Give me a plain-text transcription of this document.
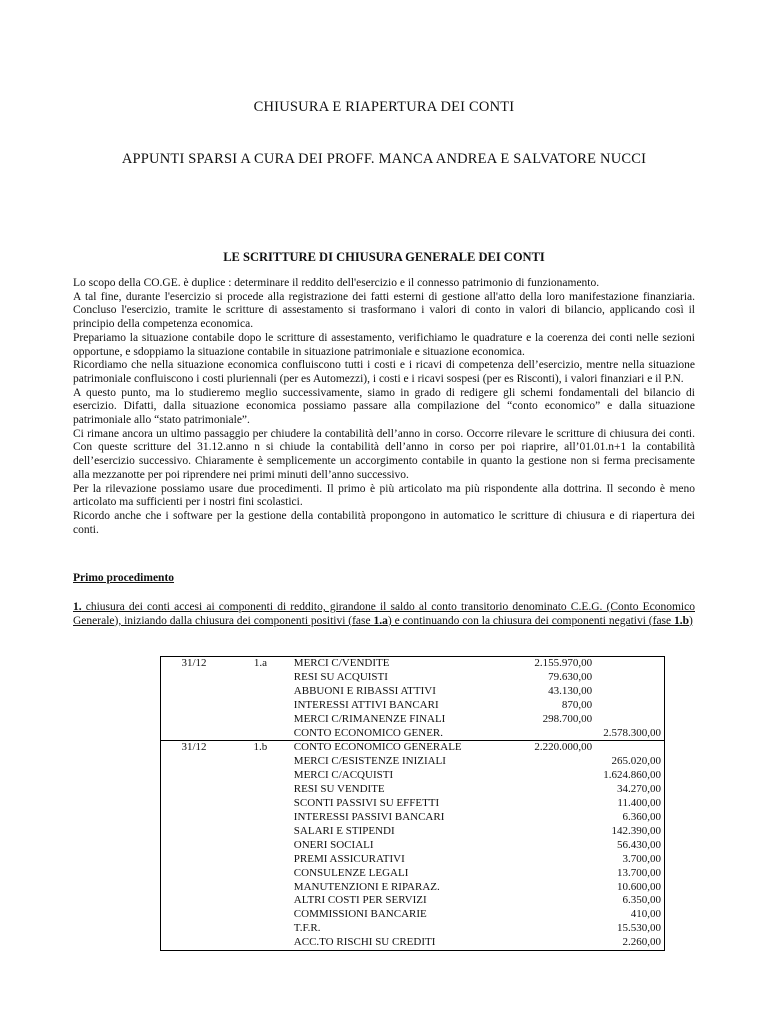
CHIUSURA E RIAPERTURA DEI CONTI
APPUNTI SPARSI A CURA DEI PROFF. MANCA ANDREA E SALVATORE NUCCI
LE SCRITTURE DI CHIUSURA GENERALE DEI CONTI

Lo scopo della CO.GE. è duplice : determinare il reddito dell'esercizio e il connesso patrimonio di funzionamento.

A tal fine, durante l'esercizio si procede alla registrazione dei fatti esterni di gestione all'atto della loro manifestazione finanziaria. Concluso l'esercizio, tramite le scritture di assestamento si trasformano i valori di conto in valori di bilancio, applicando così il principio della competenza economica.

Prepariamo la situazione contabile dopo le scritture di assestamento, verifichiamo le quadrature e la coerenza dei conti nelle sezioni opportune, e sdoppiamo la situazione contabile in situazione patrimoniale e situazione economica.

Ricordiamo che nella situazione economica confluiscono tutti i costi e i ricavi di competenza dell’esercizio, mentre nella situazione patrimoniale confluiscono i costi pluriennali (per es Automezzi), i costi e i ricavi sospesi (per es Risconti), i valori finanziari e il P.N.

A questo punto, ma lo studieremo meglio successivamente, siamo in grado di redigere gli schemi fondamentali del bilancio di esercizio. Difatti, dalla situazione economica possiamo passare alla compilazione del “conto economico” e dalla situazione patrimoniale allo “stato patrimoniale”.

Ci rimane ancora un ultimo passaggio per chiudere la contabilità dell’anno in corso. Occorre rilevare le scritture di chiusura dei conti. Con queste scritture del 31.12.anno n si chiude la contabilità dell’anno in corso per poi riaprire, all’01.01.n+1 la contabilità dell’esercizio successivo. Chiaramente è semplicemente un accorgimento contabile in quanto la gestione non si ferma precisamente alla mezzanotte per poi riprendere nei primi minuti dell’anno successivo.

Per la rilevazione possiamo usare due procedimenti. Il primo è più articolato ma più rispondente alla dottrina. Il secondo è meno articolato ma sufficienti per i nostri fini scolastici.

Ricordo anche che i software per la gestione della contabilità propongono in automatico le scritture di chiusura e di riapertura dei conti.

Primo procedimento
1. chiusura dei conti accesi ai componenti di reddito, girandone il saldo al conto transitorio denominato C.E.G. (Conto Economico Generale), iniziando dalla chiusura dei componenti positivi (fase 1.a) e continuando con la chiusura dei componenti negativi (fase 1.b)
31/12	1.a	MERCI C/VENDITE	2.155.970,00	
		RESI SU ACQUISTI	79.630,00	
		ABBUONI E RIBASSI ATTIVI	43.130,00	
		INTERESSI ATTIVI BANCARI	870,00	
		MERCI C/RIMANENZE FINALI	298.700,00	
		CONTO ECONOMICO GENER.		2.578.300,00
31/12	1.b	CONTO ECONOMICO GENERALE	2.220.000,00	
		MERCI C/ESISTENZE INIZIALI		265.020,00
		MERCI C/ACQUISTI		1.624.860,00
		RESI SU VENDITE		34.270,00
		SCONTI PASSIVI SU EFFETTI		11.400,00
		INTERESSI PASSIVI BANCARI		6.360,00
		SALARI E STIPENDI		142.390,00
		ONERI SOCIALI		56.430,00
		PREMI ASSICURATIVI		3.700,00
		CONSULENZE LEGALI		13.700,00
		MANUTENZIONI E RIPARAZ.		10.600,00
		ALTRI COSTI PER SERVIZI		6.350,00
		COMMISSIONI BANCARIE		410,00
		T.F.R.		15.530,00
		ACC.TO RISCHI SU CREDITI		2.260,00
